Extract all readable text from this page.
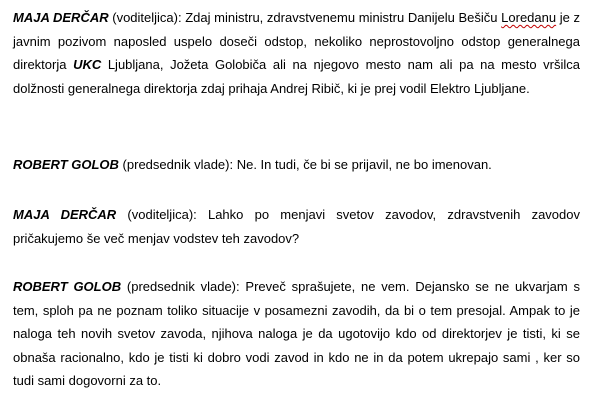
MAJA DERČAR (voditeljica): Zdaj ministru, zdravstvenemu ministru Danijelu Bešiču Loredanu je z javnim pozivom naposled uspelo doseči odstop, nekoliko neprostovoljno odstop generalnega direktorja UKC Ljubljana, Jožeta Golobiča ali na njegovo mesto nam ali pa na mesto vršilca dolžnosti generalnega direktorja zdaj prihaja Andrej Ribič, ki je prej vodil Elektro Ljubljane.

ROBERT GOLOB (predsednik vlade): Ne. In tudi, če bi se prijavil, ne bo imenovan.

MAJA DERČAR (voditeljica): Lahko po menjavi svetov zavodov, zdravstvenih zavodov pričakujemo še več menjav vodstev teh zavodov?

ROBERT GOLOB (predsednik vlade): Preveč sprašujete, ne vem. Dejansko se ne ukvarjam s tem, sploh pa ne poznam toliko situacije v posamezni zavodih, da bi o tem presojal. Ampak to je naloga teh novih svetov zavoda, njihova naloga je da ugotovijo kdo od direktorjev je tisti, ki se obnaša racionalno, kdo je tisti ki dobro vodi zavod in kdo ne in da potem ukrepajo sami , ker so tudi sami dogovorni za to.
